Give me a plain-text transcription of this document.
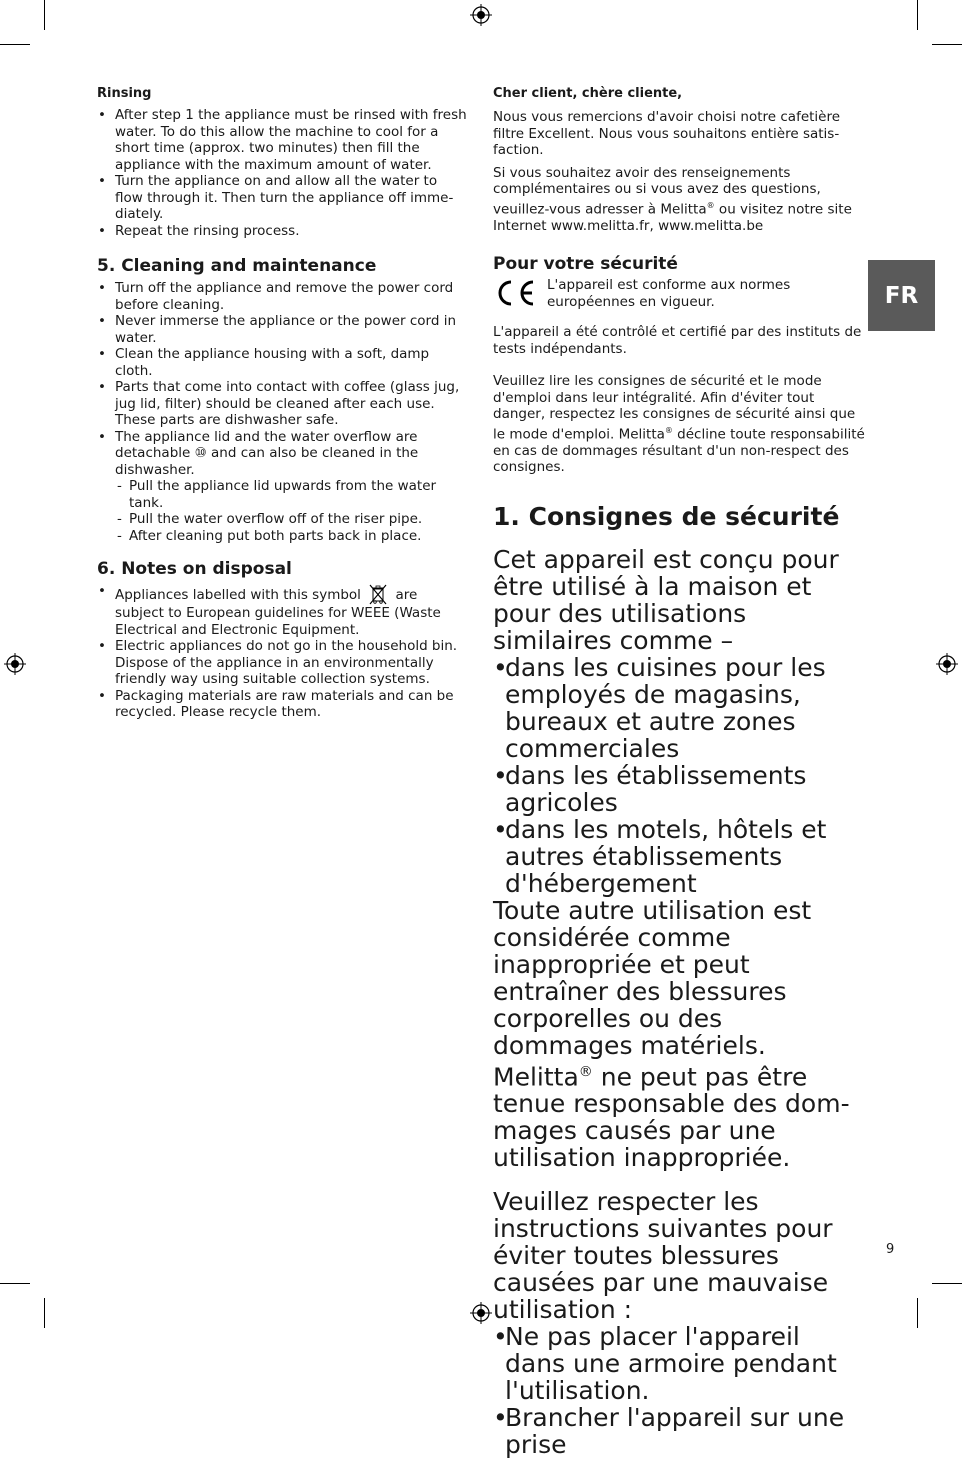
Rinsing
• After step 1 the appliance must be rinsed with fresh water. To do this allow the machine to cool for a short time (approx. two minutes) then fill the appliance with the maximum amount of water.
• Turn the appliance on and allow all the water to flow through it. Then turn the appliance off immediately.
• Repeat the rinsing process.
5. Cleaning and maintenance
• Turn off the appliance and remove the power cord before cleaning.
• Never immerse the appliance or the power cord in water.
• Clean the appliance housing with a soft, damp cloth.
• Parts that come into contact with coffee (glass jug, jug lid, filter) should be cleaned after each use. These parts are dishwasher safe.
• The appliance lid and the water overflow are detachable ⑩ and can also be cleaned in the dishwasher.
- Pull the appliance lid upwards from the water tank.
- Pull the water overflow off of the riser pipe.
- After cleaning put both parts back in place.
6. Notes on disposal
• Appliances labelled with this symbol	are subject to European guidelines for WEEE (Waste Electrical and Electronic Equipment.
• Electric appliances do not go in the household bin. Dispose of the appliance in an environmentally friendly way using suitable collection systems.
• Packaging materials are raw materials and can be recycled. Please recycle them.
Cher client, chère cliente,

Nous vous remercions d'avoir choisi notre cafetière filtre Excellent. Nous vous souhaitons entière satisfaction.

Si vous souhaitez avoir des renseignements complémentaires ou si vous avez des questions, veuillez-vous adresser à Melitta® ou visitez notre site Internet www.melitta.fr, www.melitta.be

Pour votre sécurité
L'appareil est conforme aux normes européennes en vigueur.

L'appareil a été contrôlé et certifié par des instituts de tests indépendants.

Veuillez lire les consignes de sécurité et le mode d'emploi dans leur intégralité. Afin d'éviter tout danger, respectez les consignes de sécurité ainsi que le mode d'emploi. Melitta® décline toute responsabilité en cas de dommages résultant d'un non-respect des consignes.

1. Consignes de sécurité

Cet appareil est conçu pour être utilisé à la maison et pour des utilisations similaires comme –

• dans les cuisines pour les employés de magasins, bureaux et autre zones commerciales
• dans les établissements agricoles
• dans les motels, hôtels et autres établissements d'hébergement

Toute autre utilisation est considérée comme inappropriée et peut entraîner des blessures corporelles ou des dommages matériels. Melitta® ne peut pas être tenue responsable des dommages causés par une utilisation inappropriée.

Veuillez respecter les instructions suivantes pour éviter toutes blessures causées par une mauvaise utilisation :

• Ne pas placer l'appareil dans une armoire pendant l'utilisation.
• Brancher l'appareil sur une prise
FR
9
